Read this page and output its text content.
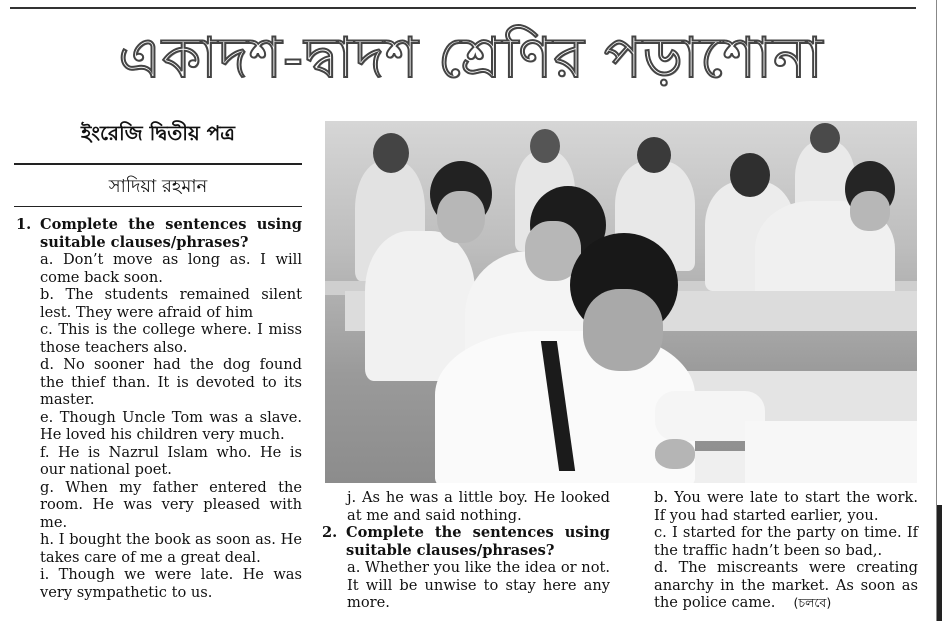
একাদশ-দ্বাদশ শ্রেণির পড়াশোনা
ইংরেজি দ্বিতীয় পত্র
সাদিয়া রহমান
1. Complete the sentences using suitable clauses/phrases?

a. Don’t move as long as. I will come back soon.

b. The students remained silent lest. They were afraid of him

c. This is the college where. I miss those teachers also.

d. No sooner had the dog found the thief than. It is devoted to its master.

e. Though Uncle Tom was a slave. He loved his children very much.

f. He is Nazrul Islam who. He is our national poet.

g. When my father entered the room. He was very pleased with me.

h. I bought the book as soon as. He takes care of me a great deal.

i. Though we were late. He was very sympathetic to us.

j. As he was a little boy. He looked at me and said nothing.

2. Complete the sentences using suitable clauses/phrases?

a. Whether you like the idea or not. It will be unwise to stay here any more.

b. You were late to start the work. If you had started earlier, you.

c. I started for the party on time. If the traffic hadn’t been so bad,.

d. The miscreants were creating anarchy in the market. As soon as the police came. (চলবে)
